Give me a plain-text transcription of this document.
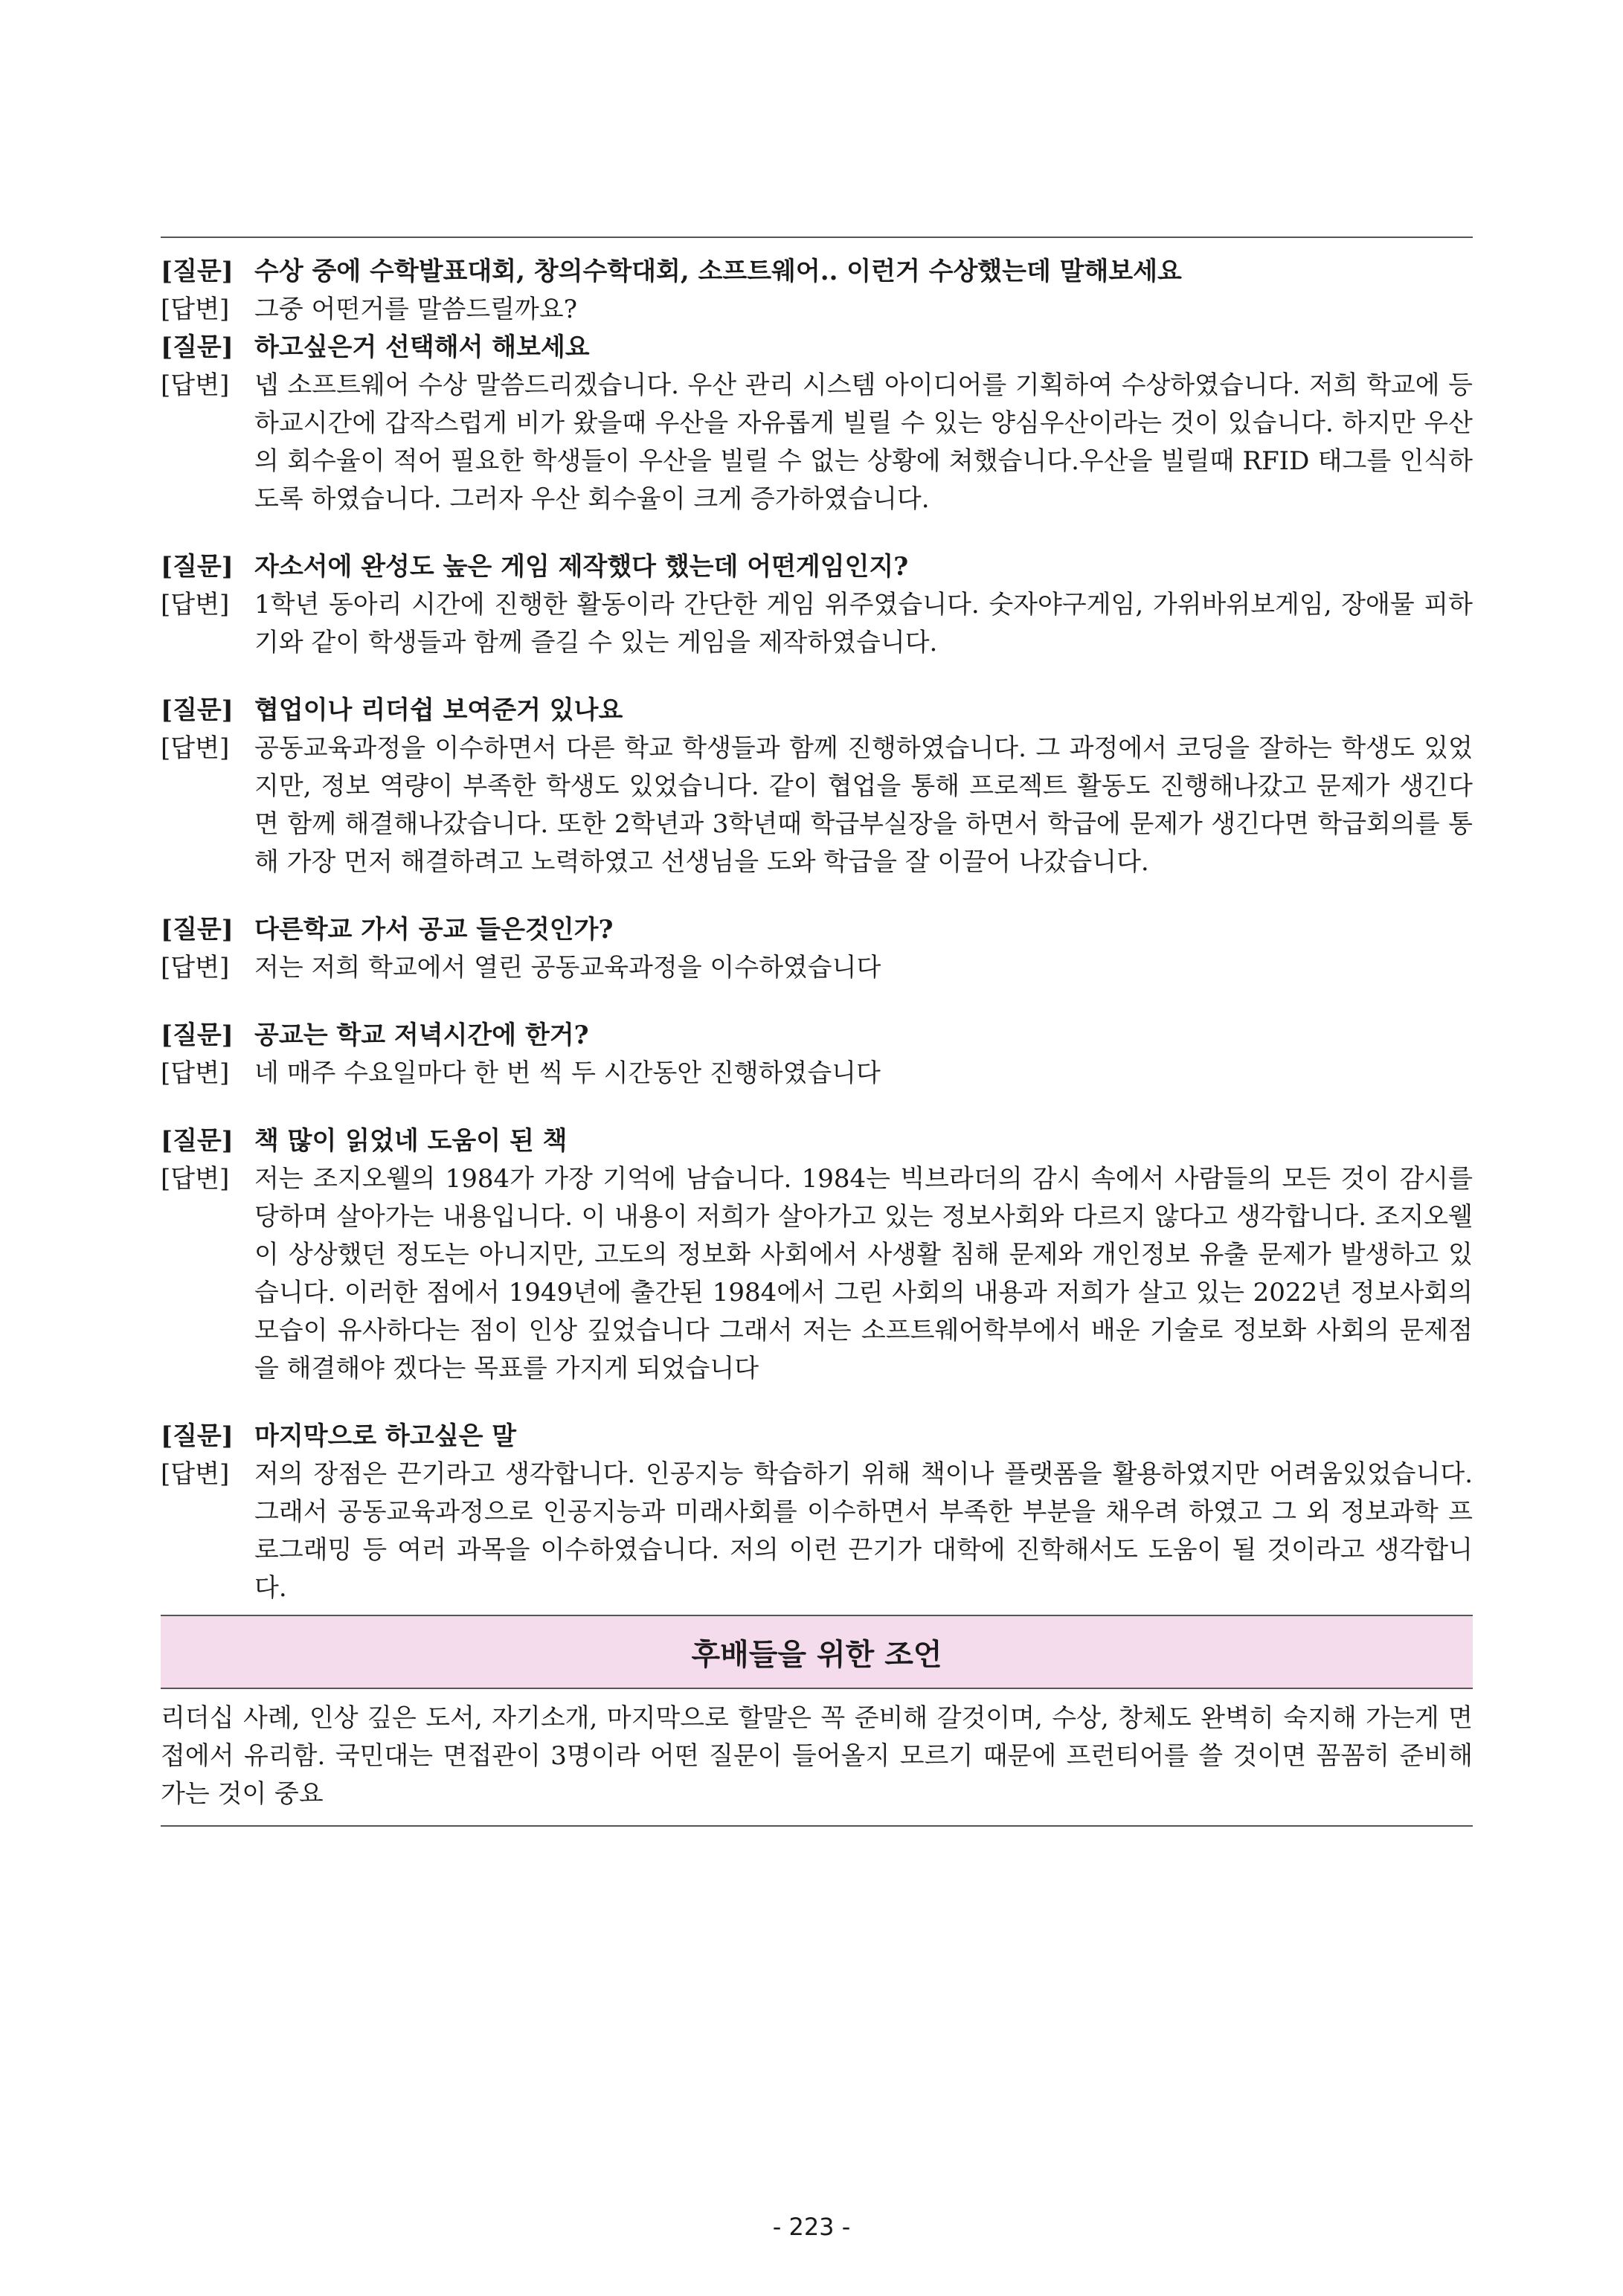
[질문] 수상 중에 수학발표대회, 창의수학대회, 소프트웨어.. 이런거 수상했는데 말해보세요
[답변] 그중 어떤거를 말씀드릴까요?
[질문] 하고싶은거 선택해서 해보세요
[답변] 넵 소프트웨어 수상 말씀드리겠습니다. 우산 관리 시스템 아이디어를 기획하여 수상하였습니다. 저희 학교에 등하교시간에 갑작스럽게 비가 왔을때 우산을 자유롭게 빌릴 수 있는 양심우산이라는 것이 있습니다. 하지만 우산의 회수율이 적어 필요한 학생들이 우산을 빌릴 수 없는 상황에 쳐했습니다.우산을 빌릴때 RFID 태그를 인식하도록 하였습니다. 그러자 우산 회수율이 크게 증가하였습니다.
[질문] 자소서에 완성도 높은 게임 제작했다 했는데 어떤게임인지?
[답변] 1학년 동아리 시간에 진행한 활동이라 간단한 게임 위주였습니다. 숫자야구게임, 가위바위보게임, 장애물 피하기와 같이 학생들과 함께 즐길 수 있는 게임을 제작하였습니다.
[질문] 협업이나 리더쉽 보여준거 있나요
[답변] 공동교육과정을 이수하면서 다른 학교 학생들과 함께 진행하였습니다. 그 과정에서 코딩을 잘하는 학생도 있었지만, 정보 역량이 부족한 학생도 있었습니다. 같이 협업을 통해 프로젝트 활동도 진행해나갔고 문제가 생긴다면 함께 해결해나갔습니다. 또한 2학년과 3학년때 학급부실장을 하면서 학급에 문제가 생긴다면 학급회의를 통해 가장 먼저 해결하려고 노력하였고 선생님을 도와 학급을 잘 이끌어 나갔습니다.
[질문] 다른학교 가서 공교 들은것인가?
[답변] 저는 저희 학교에서 열린 공동교육과정을 이수하였습니다
[질문] 공교는 학교 저녁시간에 한거?
[답변] 네 매주 수요일마다 한 번 씩 두 시간동안 진행하였습니다
[질문] 책 많이 읽었네 도움이 된 책
[답변] 저는 조지오웰의 1984가 가장 기억에 남습니다. 1984는 빅브라더의 감시 속에서 사람들의 모든 것이 감시를 당하며 살아가는 내용입니다. 이 내용이 저희가 살아가고 있는 정보사회와 다르지 않다고 생각합니다. 조지오웰이 상상했던 정도는 아니지만, 고도의 정보화 사회에서 사생활 침해 문제와 개인정보 유출 문제가 발생하고 있습니다. 이러한 점에서 1949년에 출간된 1984에서 그린 사회의 내용과 저희가 살고 있는 2022년 정보사회의 모습이 유사하다는 점이 인상 깊었습니다 그래서 저는 소프트웨어학부에서 배운 기술로 정보화 사회의 문제점을 해결해야 겠다는 목표를 가지게 되었습니다
[질문] 마지막으로 하고싶은 말
[답변] 저의 장점은 끈기라고 생각합니다. 인공지능 학습하기 위해 책이나 플랫폼을 활용하였지만 어려움있었습니다. 그래서 공동교육과정으로 인공지능과 미래사회를 이수하면서 부족한 부분을 채우려 하였고 그 외 정보과학 프로그래밍 등 여러 과목을 이수하였습니다. 저의 이런 끈기가 대학에 진학해서도 도움이 될 것이라고 생각합니다.
후배들을 위한 조언
리더십 사례, 인상 깊은 도서, 자기소개, 마지막으로 할말은 꼭 준비해 갈것이며, 수상, 창체도 완벽히 숙지해 가는게 면접에서 유리함. 국민대는 면접관이 3명이라 어떤 질문이 들어올지 모르기 때문에 프런티어를 쓸 것이면 꼼꼼히 준비해 가는 것이 중요
- 223 -
